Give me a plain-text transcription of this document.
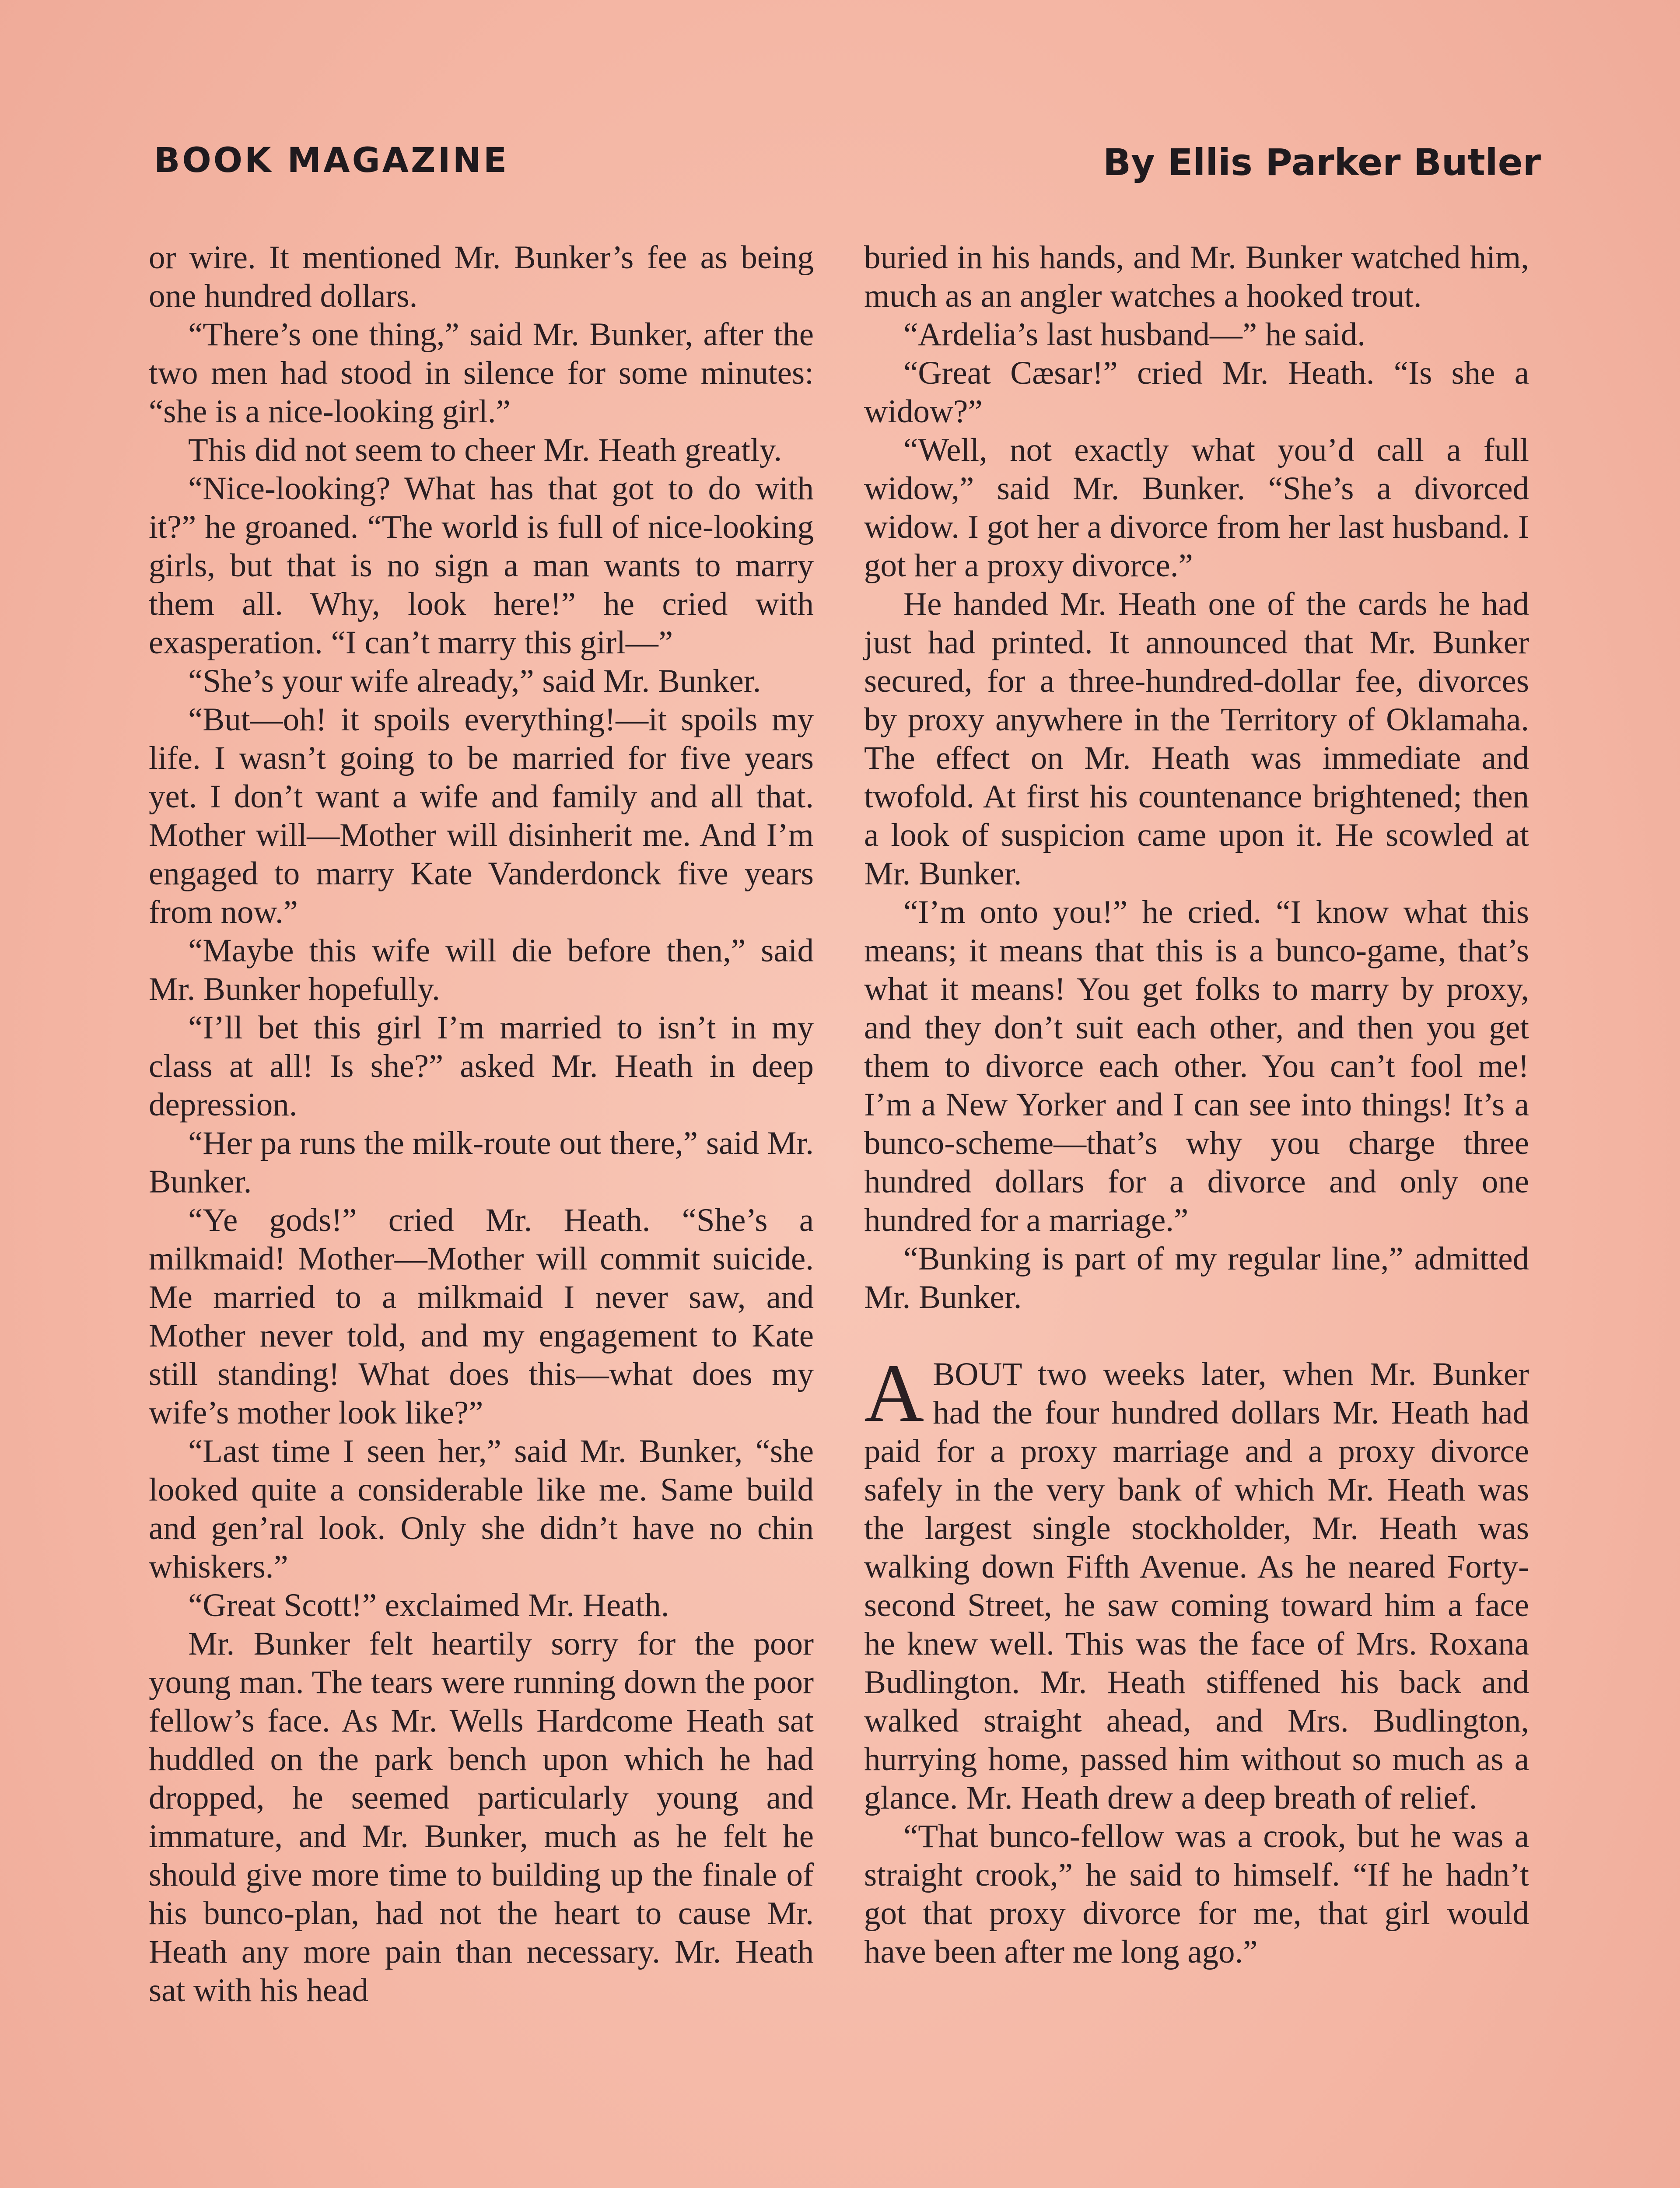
BOOK MAGAZINE	By Ellis Parker Butler

or wire. It mentioned Mr. Bunker’s fee as being one hundred dollars.

“There’s one thing,” said Mr. Bunker, after the two men had stood in silence for some minutes: “she is a nice-looking girl.”

This did not seem to cheer Mr. Heath greatly.

“Nice-looking? What has that got to do with it?” he groaned. “The world is full of nice-looking girls, but that is no sign a man wants to marry them all. Why, look here!” he cried with exasperation. “I can’t marry this girl—”

“She’s your wife already,” said Mr. Bunker.

“But—oh! it spoils everything!—it spoils my life. I wasn’t going to be married for five years yet. I don’t want a wife and family and all that. Mother will—Mother will disinherit me. And I’m engaged to marry Kate Vanderdonck five years from now.”

“Maybe this wife will die before then,” said Mr. Bunker hopefully.

“I’ll bet this girl I’m married to isn’t in my class at all! Is she?” asked Mr. Heath in deep depression.

“Her pa runs the milk-route out there,” said Mr. Bunker.

“Ye gods!” cried Mr. Heath. “She’s a milkmaid! Mother—Mother will commit suicide. Me married to a milkmaid I never saw, and Mother never told, and my engagement to Kate still standing! What does this—what does my wife’s mother look like?”

“Last time I seen her,” said Mr. Bunker, “she looked quite a considerable like me. Same build and gen’ral look. Only she didn’t have no chin whiskers.”

“Great Scott!” exclaimed Mr. Heath.

Mr. Bunker felt heartily sorry for the poor young man. The tears were running down the poor fellow’s face. As Mr. Wells Hardcome Heath sat huddled on the park bench upon which he had dropped, he seemed particularly young and immature, and Mr. Bunker, much as he felt he should give more time to building up the finale of his bunco-plan, had not the heart to cause Mr. Heath any more pain than necessary. Mr. Heath sat with his head

buried in his hands, and Mr. Bunker watched him, much as an angler watches a hooked trout.

“Ardelia’s last husband—” he said.

“Great Cæsar!” cried Mr. Heath. “Is she a widow?”

“Well, not exactly what you’d call a full widow,” said Mr. Bunker. “She’s a divorced widow. I got her a divorce from her last husband. I got her a proxy divorce.”

He handed Mr. Heath one of the cards he had just had printed. It announced that Mr. Bunker secured, for a three-hundred-dollar fee, divorces by proxy anywhere in the Territory of Oklamaha. The effect on Mr. Heath was immediate and twofold. At first his countenance brightened; then a look of suspicion came upon it. He scowled at Mr. Bunker.

“I’m onto you!” he cried. “I know what this means; it means that this is a bunco-game, that’s what it means! You get folks to marry by proxy, and they don’t suit each other, and then you get them to divorce each other. You can’t fool me! I’m a New Yorker and I can see into things! It’s a bunco-scheme—that’s why you charge three hundred dollars for a divorce and only one hundred for a marriage.”

“Bunking is part of my regular line,” admitted Mr. Bunker.

ABOUT two weeks later, when Mr. Bunker had the four hundred dollars Mr. Heath had paid for a proxy marriage and a proxy divorce safely in the very bank of which Mr. Heath was the largest single stockholder, Mr. Heath was walking down Fifth Avenue. As he neared Forty-second Street, he saw coming toward him a face he knew well. This was the face of Mrs. Roxana Budlington. Mr. Heath stiffened his back and walked straight ahead, and Mrs. Budlington, hurrying home, passed him without so much as a glance. Mr. Heath drew a deep breath of relief.

“That bunco-fellow was a crook, but he was a straight crook,” he said to himself. “If he hadn’t got that proxy divorce for me, that girl would have been after me long ago.”
